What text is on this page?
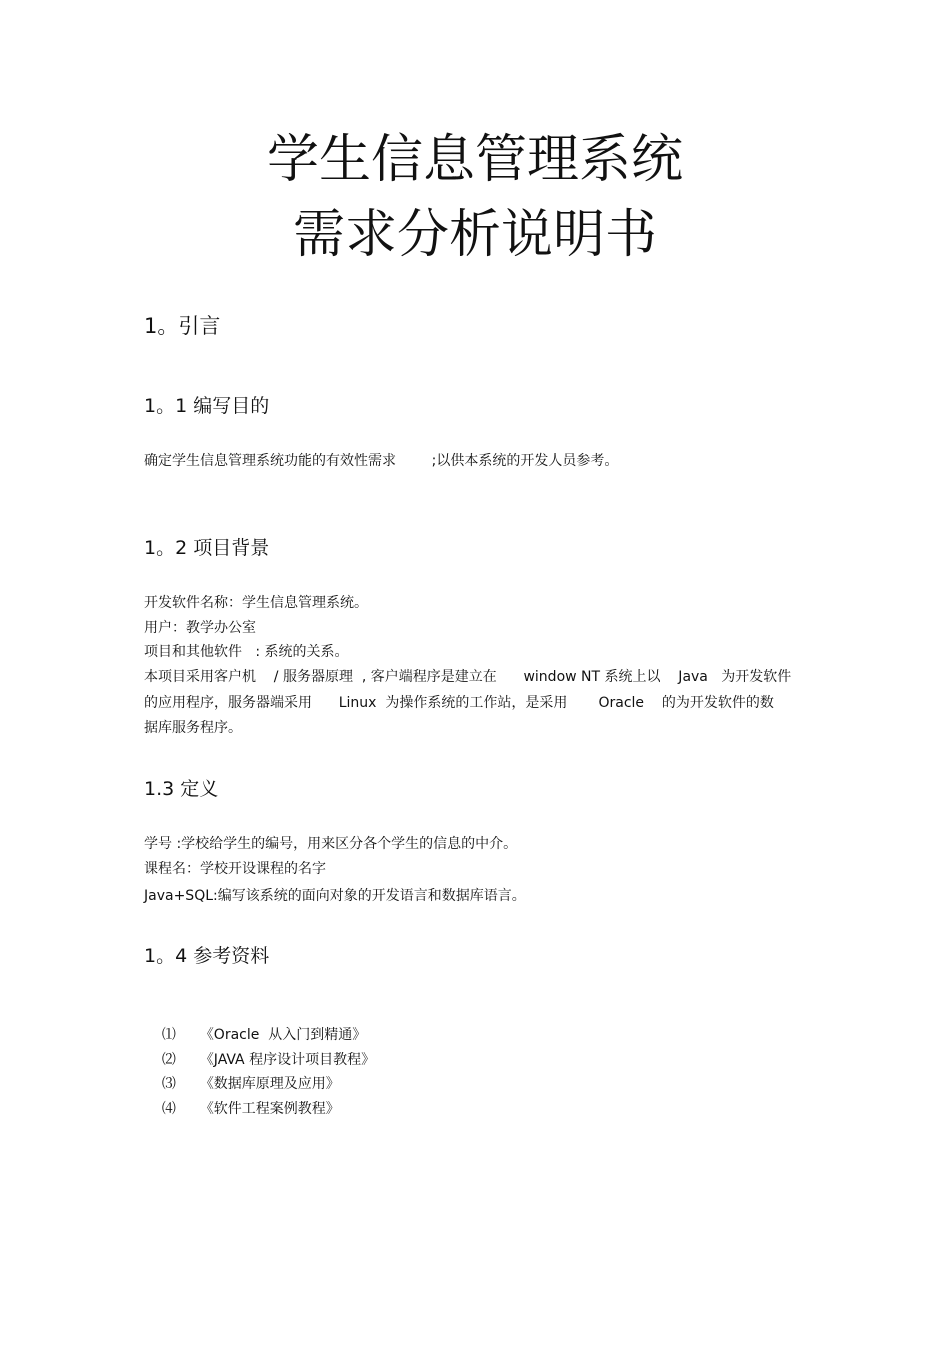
学生信息管理系统
需求分析说明书
1。引言
1。1 编写目的
确定学生信息管理系统功能的有效性需求        ;以供本系统的开发人员参考。
1。2 项目背景
开发软件名称：学生信息管理系统。
用户：教学办公室
项目和其他软件   : 系统的关系。
本项目采用客户机    / 服务器原理  , 客户端程序是建立在      window NT 系统上以    Java   为开发软件
的应用程序，服务器端采用      Linux  为操作系统的工作站，是采用       Oracle    的为开发软件的数
据库服务程序。
1.3 定义
学号 :学校给学生的编号，用来区分各个学生的信息的中介。
课程名：学校开设课程的名字
Java+SQL:编写该系统的面向对象的开发语言和数据库语言。
1。4 参考资料

⑴ 《Oracle  从入门到精通》

⑵ 《JAVA 程序设计项目教程》

⑶ 《数据库原理及应用》

⑷ 《软件工程案例教程》
